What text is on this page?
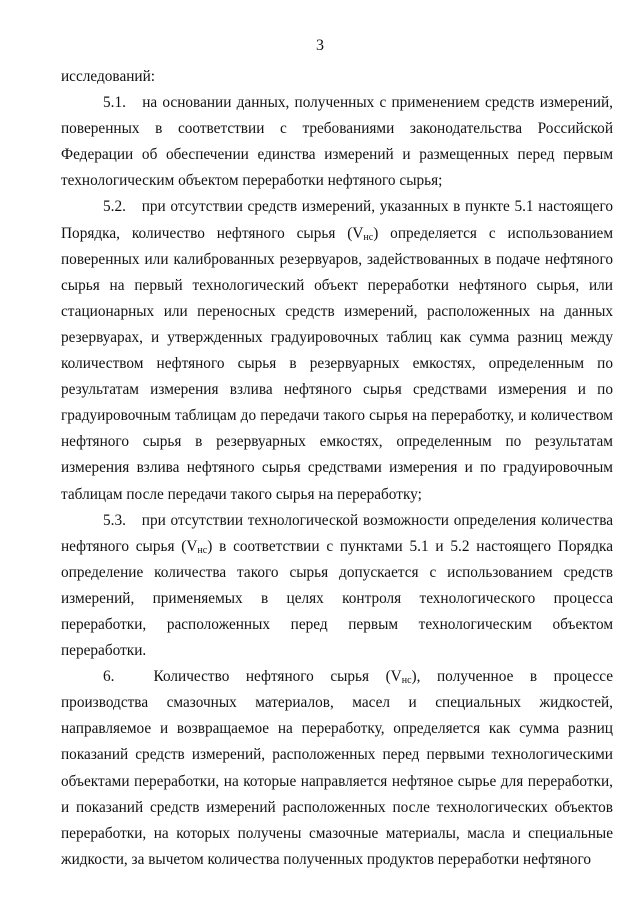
3

исследований:

5.1. на основании данных, полученных с применением средств измерений, поверенных в соответствии с требованиями законодательства Российской Федерации об обеспечении единства измерений и размещенных перед первым технологическим объектом переработки нефтяного сырья;

5.2. при отсутствии средств измерений, указанных в пункте 5.1 настоящего Порядка, количество нефтяного сырья $(V_{нс})$ определяется с использованием поверенных или калиброванных резервуаров, задействованных в подаче нефтяного сырья на первый технологический объект переработки нефтяного сырья, или стационарных или переносных средств измерений, расположенных на данных резервуарах, и утвержденных градуировочных таблиц как сумма разниц между количеством нефтяного сырья в резервуарных емкостях, определенным по результатам измерения взлива нефтяного сырья средствами измерения и по градуировочным таблицам до передачи такого сырья на переработку, и количеством нефтяного сырья в резервуарных емкостях, определенным по результатам измерения взлива нефтяного сырья средствами измерения и по градуировочным таблицам после передачи такого сырья на переработку;

5.3. при отсутствии технологической возможности определения количества нефтяного сырья $(V_{нс})$ в соответствии с пунктами 5.1 и 5.2 настоящего Порядка определение количества такого сырья допускается с использованием средств измерений, применяемых в целях контроля технологического процесса переработки, расположенных перед первым технологическим объектом переработки.

6.	Количество нефтяного сырья $(V_{нс})$, полученное в процессе производства смазочных материалов, масел и специальных жидкостей, направляемое и возвращаемое на переработку, определяется как сумма разниц показаний средств измерений, расположенных перед первыми технологическими объектами переработки, на которые направляется нефтяное сырье для переработки, и показаний средств измерений расположенных после технологических объектов переработки, на которых получены смазочные материалы, масла и специальные жидкости, за вычетом количества полученных продуктов переработки нефтяного
